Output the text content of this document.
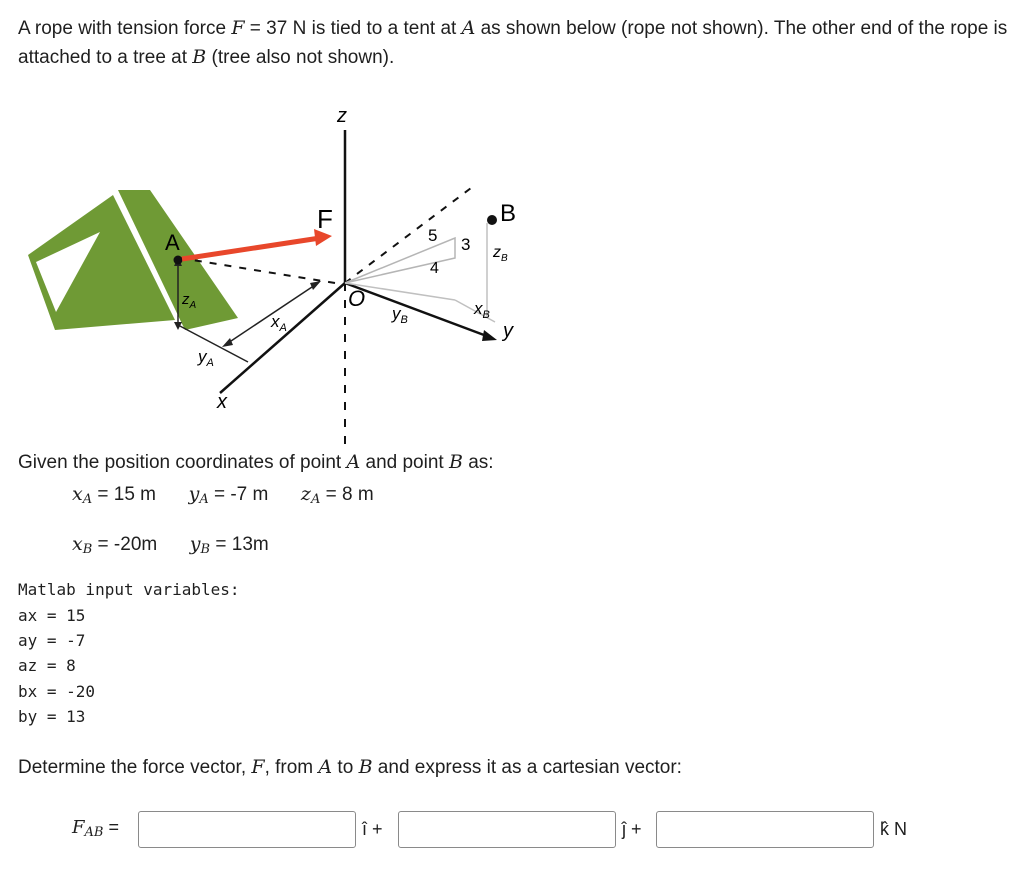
A rope with tension force F = 37 N is tied to a tent at A as shown below (rope not shown). The other end of the rope is attached to a tree at B (tree also not shown).

z
F
A
B
O
x
y
$z_A$
$y_A$
$x_A$
$y_B$
$x_B$
$z_B$
5 3
4

Given the position coordinates of point A and point B as:

$x_A = 15$ m $y_A = -7$ m $z_A = 8$ m
$x_B = -20m$ $y_B = 13m$
Matlab input variables:
ax = 15
ay = -7
az = 8
bx = -20
by = 13

Determine the force vector, F, from A to B and express it as a cartesian vector:

$F_{AB}$ =	î +	ĵ +	k̂ N
